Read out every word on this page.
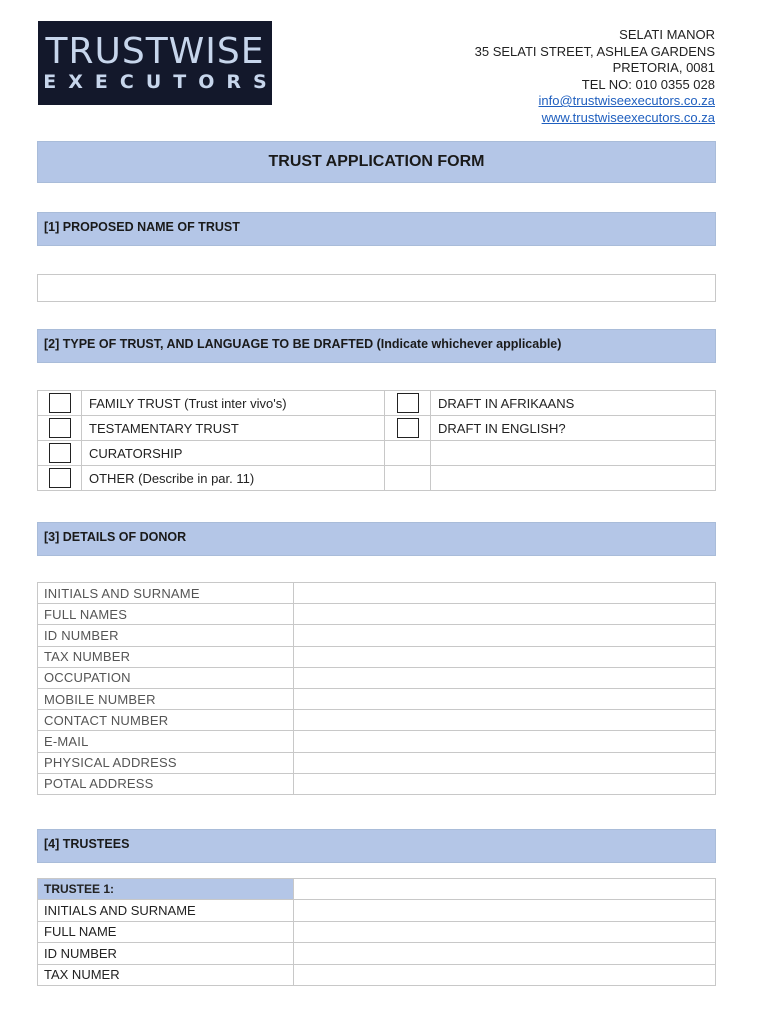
TRUSTWISE
EXECUTORS
SELATI MANOR
35 SELATI STREET, ASHLEA GARDENS
PRETORIA, 0081
TEL NO: 010 0355 028
info@trustwiseexecutors.co.za
www.trustwiseexecutors.co.za
TRUST APPLICATION FORM
[1] PROPOSED NAME OF TRUST
[2] TYPE OF TRUST, AND LANGUAGE TO BE DRAFTED (Indicate whichever applicable)
	FAMILY TRUST (Trust inter vivo's)		DRAFT IN AFRIKAANS
	TESTAMENTARY TRUST		DRAFT IN ENGLISH?
	CURATORSHIP		
	OTHER (Describe in par. 11)		
[3] DETAILS OF DONOR
INITIALS AND SURNAME	
FULL NAMES	
ID NUMBER	
TAX NUMBER	
OCCUPATION	
MOBILE NUMBER	
CONTACT NUMBER	
E-MAIL	
PHYSICAL ADDRESS	
POTAL ADDRESS	
[4] TRUSTEES
TRUSTEE 1:	
INITIALS AND SURNAME	
FULL NAME	
ID NUMBER	
TAX NUMER	
